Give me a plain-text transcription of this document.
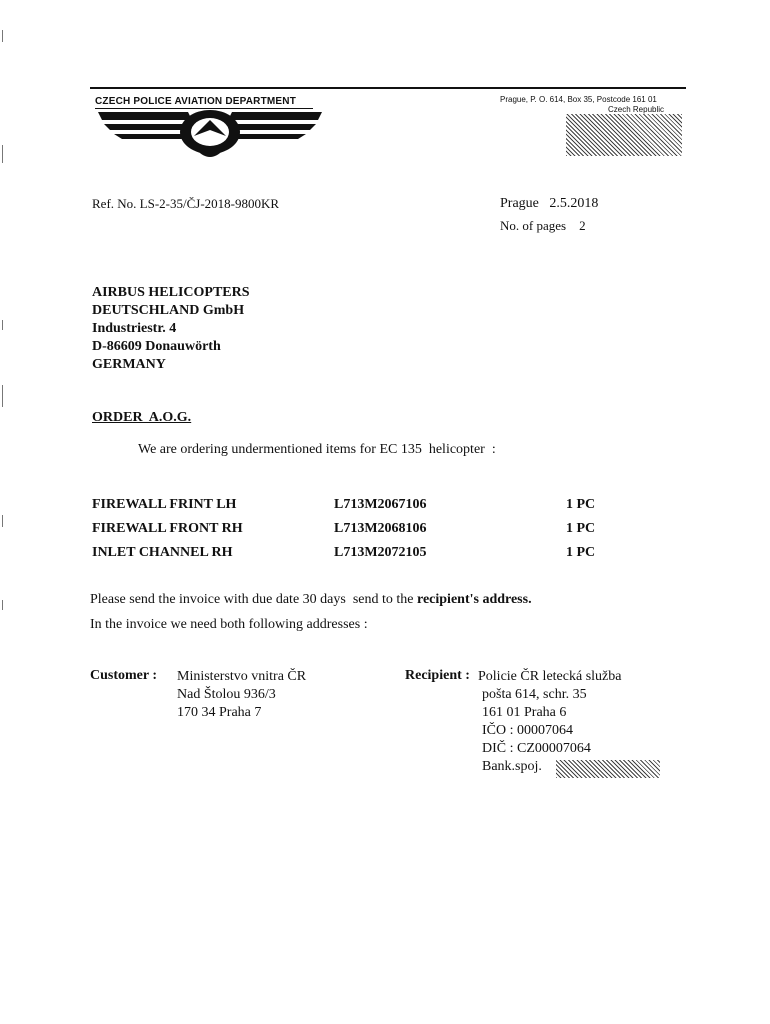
CZECH POLICE AVIATION DEPARTMENT	Prague, P. O. 614, Box 35, Postcode 161 01
Czech Republic
Ref. No. LS-2-35/ČJ-2018-9800KR	Prague   2.5.2018
No. of pages    2
AIRBUS HELICOPTERS
DEUTSCHLAND GmbH
Industriestr. 4
D-86609 Donauwörth
GERMANY
ORDER  A.O.G.
We are ordering undermentioned items for EC 135  helicopter  :
FIREWALL FRINT LH	L713M2067106	1 PC
FIREWALL FRONT RH	L713M2068106	1 PC
INLET CHANNEL RH	L713M2072105	1 PC
Please send the invoice with due date 30 days  send to the recipient's address.
In the invoice we need both following addresses :
Customer : Ministerstvo vnitra ČR
Nad Štolou 936/3
170 34 Praha 7
Recipient : Policie ČR letecká služba
pošta 614, schr. 35
161 01 Praha 6
IČO : 00007064
DIČ : CZ00007064
Bank.spoj.
